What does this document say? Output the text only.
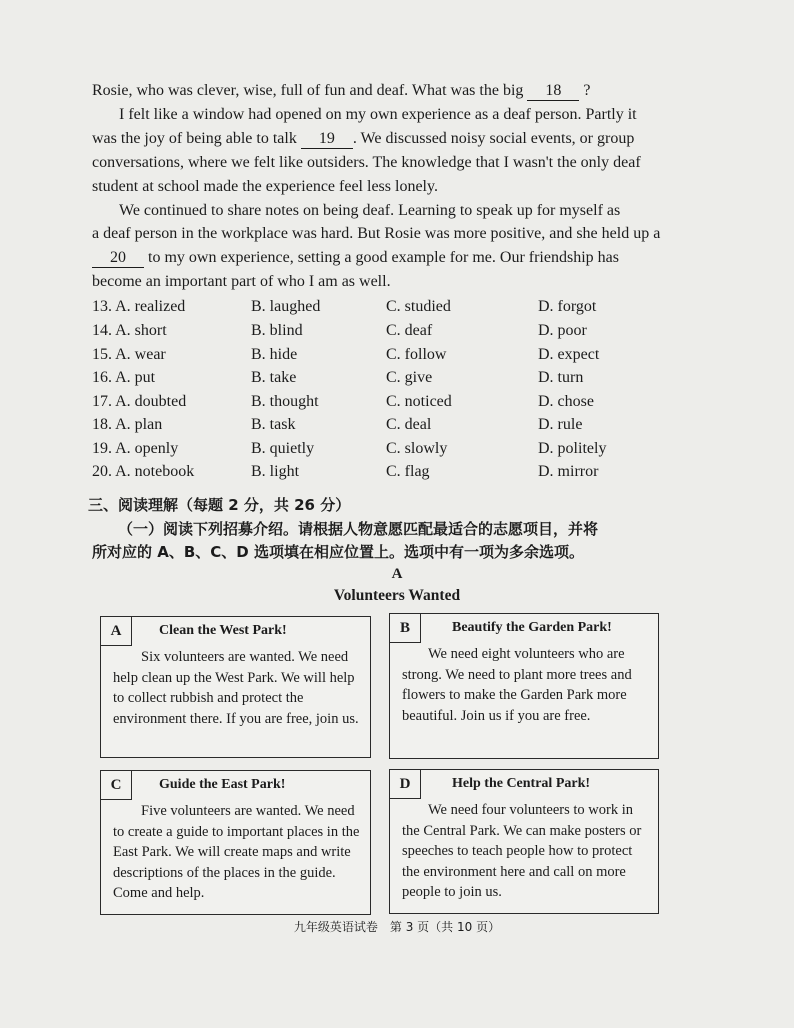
Rosie, who was clever, wise, full of fun and deaf. What was the big 18 ?
I felt like a window had opened on my own experience as a deaf person. Partly it
was the joy of being able to talk 19 . We discussed noisy social events, or group
conversations, where we felt like outsiders. The knowledge that I wasn't the only deaf
student at school made the experience feel less lonely.
We continued to share notes on being deaf. Learning to speak up for myself as
a deaf person in the workplace was hard. But Rosie was more positive, and she held up a
20 to my own experience, setting a good example for me. Our friendship has
become an important part of who I am as well.
13. A. realized	B. laughed	C. studied	D. forgot
14. A. short	B. blind	C. deaf	D. poor
15. A. wear	B. hide	C. follow	D. expect
16. A. put	B. take	C. give	D. turn
17. A. doubted	B. thought	C. noticed	D. chose
18. A. plan	B. task	C. deal	D. rule
19. A. openly	B. quietly	C. slowly	D. politely
20. A. notebook	B. light	C. flag	D. mirror
三、阅读理解（每题 2 分，共 26 分）
（一）阅读下列招募介绍。请根据人物意愿匹配最适合的志愿项目，并将
所对应的 A、B、C、D 选项填在相应位置上。选项中有一项为多余选项。
A
Volunteers Wanted
A	Clean the West Park!
Six volunteers are wanted. We need help clean up the West Park. We will help to collect rubbish and protect the environment there. If you are free, join us.
B	Beautify the Garden Park!
We need eight volunteers who are strong. We need to plant more trees and flowers to make the Garden Park more beautiful. Join us if you are free.
C	Guide the East Park!
Five volunteers are wanted. We need to create a guide to important places in the East Park. We will create maps and write descriptions of the places in the guide. Come and help.
D	Help the Central Park!
We need four volunteers to work in the Central Park. We can make posters or speeches to teach people how to protect the environment here and call on more people to join us.
九年级英语试卷　第 3 页（共 10 页）
